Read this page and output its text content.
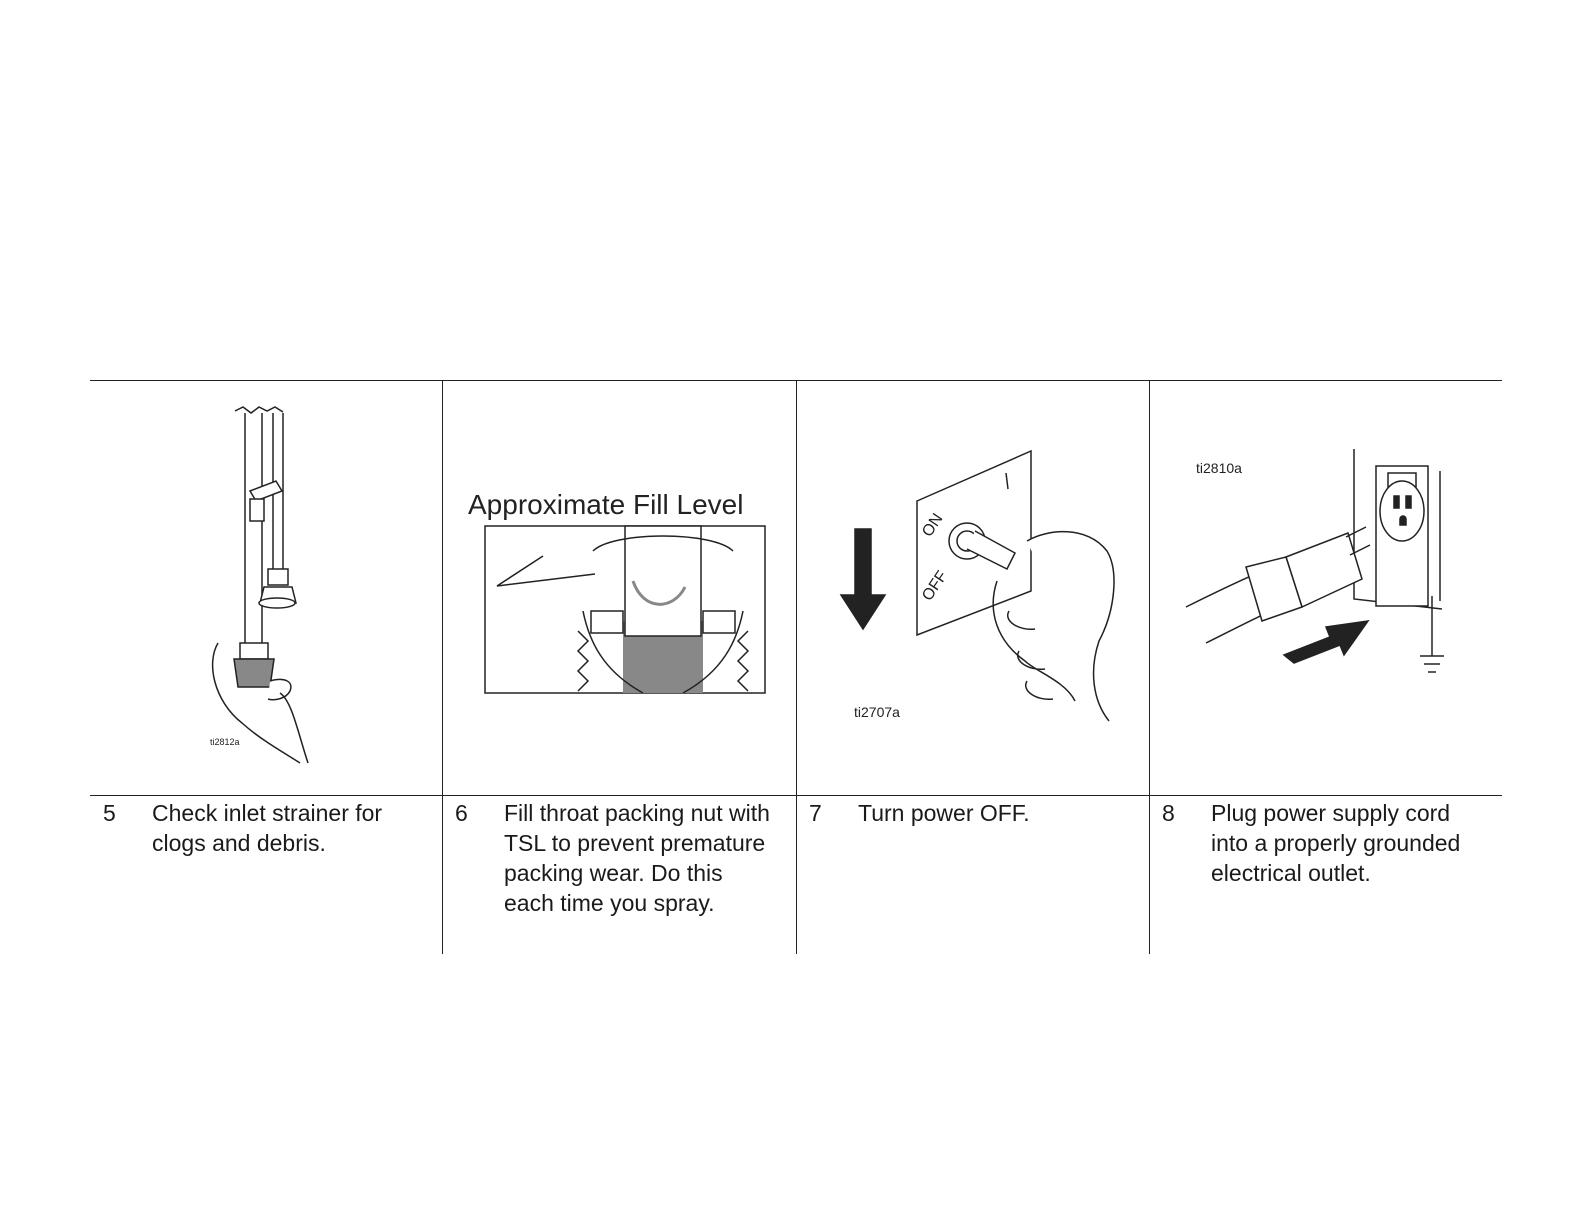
ti2812a
Approximate Fill Level
ON
OFF
ti2707a
ti2810a
5 Check inlet strainer for clogs and debris.
6 Fill throat packing nut with TSL to prevent premature packing wear. Do this each time you spray.
7 Turn power OFF.	8 Plug power supply cord into a properly grounded electrical outlet.
